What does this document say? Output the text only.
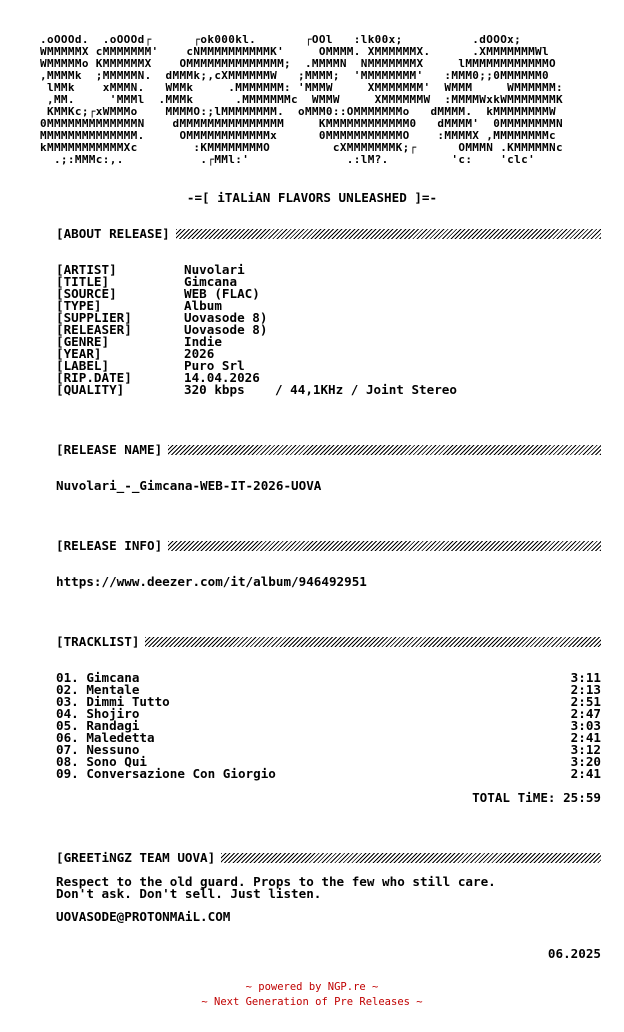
.oOOOd.  .oOOOd┌      ┌ok000kl.       ┌OOl   :lk00x;          .dOOOx;
WMMMMMX cMMMMMMM'    cNMMMMMMMMMMK'     OMMMM. XMMMMMMX.      .XMMMMMMMWl
WMMMMMo KMMMMMMX    OMMMMMMMMMMMMMM;  .MMMMN  NMMMMMMMX     lMMMMMMMMMMMMO
,MMMMk  ;MMMMMN.  dMMMk;,cXMMMMMMW   ;MMMM;  'MMMMMMMM'   :MMM0;;0MMMMMM0
lMMk    xMMMN.   WMMk     .MMMMMMM: 'MMMW     XMMMMMMM'  WMMM     WMMMMMM:
,MM.     'MMMl  .MMMk      .MMMMMMMc  WMMW     XMMMMMMW  :MMMMWxkWMMMMMMMK
KMMKc;┌xWMMMo    MMMMO:;lMMMMMMMM.  oMMM0::OMMMMMMMo   dMMMM.  kMMMMMMMMW
0MMMMMMMMMMMMMN    dMMMMMMMMMMMMMMM     KMMMMMMMMMMMM0   dMMMM'  0MMMMMMMMN
MMMMMMMMMMMMMM.     OMMMMMMMMMMMMx      0MMMMMMMMMMMO    :MMMMX ,MMMMMMMMc
kMMMMMMMMMMMXc        :KMMMMMMMMO         cXMMMMMMMK;┌      OMMMN .KMMMMMNc
.;:MMMc:,.           .┌MMl:'              .:lM?.         'c:    'clc'
-=[ iTALiAN FLAVORS UNLEASHED ]=-
[ABOUT RELEASE]
[ARTIST]	Nuvolari
[TITLE]	Gimcana
[SOURCE]	WEB (FLAC)
[TYPE]	Album
[SUPPLIER]	Uovasode 8)
[RELEASER]	Uovasode 8)
[GENRE]	Indie
[YEAR]	2026
[LABEL]	Puro Srl
[RIP.DATE]	14.04.2026
[QUALITY]	320 kbps    / 44,1KHz / Joint Stereo
[RELEASE NAME]
Nuvolari_-_Gimcana-WEB-IT-2026-UOVA
[RELEASE INFO]
https://www.deezer.com/it/album/946492951
[TRACKLIST]
01. Gimcana	3:11
02. Mentale	2:13
03. Dimmi Tutto	2:51
04. Shojiro	2:47
05. Randagi	3:03
06. Maledetta	2:41
07. Nessuno	3:12
08. Sono Qui	3:20
09. Conversazione Con Giorgio	2:41
TOTAL TiME: 25:59
[GREETiNGZ TEAM UOVA]
Respect to the old guard. Props to the few who still care.
Don't ask. Don't sell. Just listen.
UOVASODE@PROTONMAiL.COM
06.2025
~ powered by NGP.re ~
~ Next Generation of Pre Releases ~
